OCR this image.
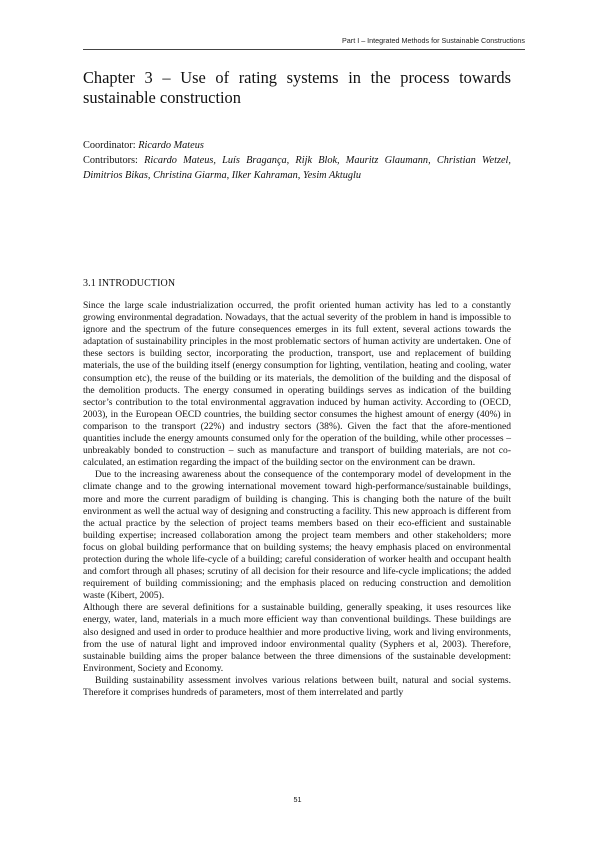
Part I – Integrated Methods for Sustainable Constructions
Chapter 3 – Use of rating systems in the process towards sustainable construction

Coordinator: Ricardo Mateus

Contributors: Ricardo Mateus, Luís Bragança, Rijk Blok, Mauritz Glaumann, Christian Wetzel, Dimitrios Bikas, Christina Giarma, Ilker Kahraman, Yesim Aktuglu

3.1 INTRODUCTION

Since the large scale industrialization occurred, the profit oriented human activity has led to a constantly growing environmental degradation. Nowadays, that the actual severity of the problem in hand is impossible to ignore and the spectrum of the future consequences emerges in its full extent, several actions towards the adaptation of sustainability principles in the most problematic sectors of human activity are undertaken. One of these sectors is building sector, incorporating the production, transport, use and replacement of building materials, the use of the building itself (energy consumption for lighting, ventilation, heating and cooling, water consumption etc), the reuse of the building or its materials, the demolition of the building and the disposal of the demolition products. The energy consumed in operating buildings serves as indication of the building sector’s contribution to the total environmental aggravation induced by human activity. According to (OECD, 2003), in the European OECD countries, the building sector consumes the highest amount of energy (40%) in comparison to the transport (22%) and industry sectors (38%). Given the fact that the afore-mentioned quantities include the energy amounts consumed only for the operation of the building, while other processes – unbreakably bonded to construction – such as manufacture and transport of building materials, are not co-calculated, an estimation regarding the impact of the building sector on the environment can be drawn.

Due to the increasing awareness about the consequence of the contemporary model of development in the climate change and to the growing international movement toward high-performance/sustainable buildings, more and more the current paradigm of building is changing. This is changing both the nature of the built environment as well the actual way of designing and constructing a facility. This new approach is different from the actual practice by the selection of project teams members based on their eco-efficient and sustainable building expertise; increased collaboration among the project team members and other stakeholders; more focus on global building performance that on building systems; the heavy emphasis placed on environmental protection during the whole life-cycle of a building; careful consideration of worker health and occupant health and comfort through all phases; scrutiny of all decision for their resource and life-cycle implications; the added requirement of building commissioning; and the emphasis placed on reducing construction and demolition waste (Kibert, 2005).

Although there are several definitions for a sustainable building, generally speaking, it uses resources like energy, water, land, materials in a much more efficient way than conventional buildings. These buildings are also designed and used in order to produce healthier and more productive living, work and living environments, from the use of natural light and improved indoor environmental quality (Syphers et al, 2003). Therefore, sustainable building aims the proper balance between the three dimensions of the sustainable development: Environment, Society and Economy.

Building sustainability assessment involves various relations between built, natural and social systems. Therefore it comprises hundreds of parameters, most of them interrelated and partly

51
